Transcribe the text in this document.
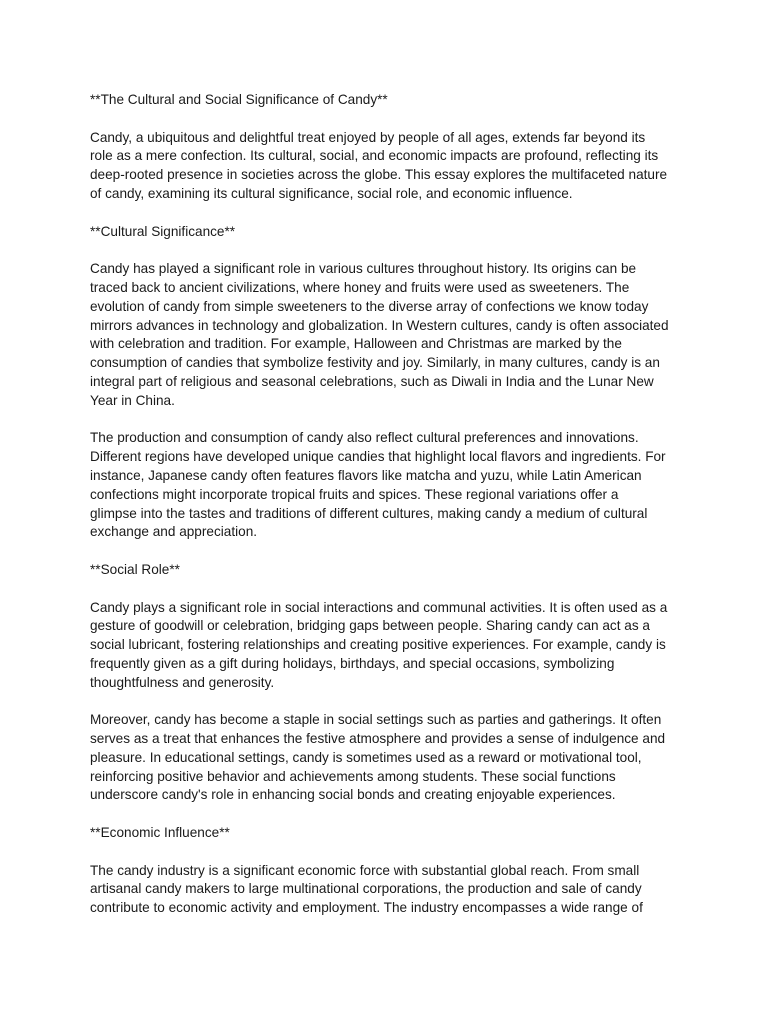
**The Cultural and Social Significance of Candy**

Candy, a ubiquitous and delightful treat enjoyed by people of all ages, extends far beyond its
role as a mere confection. Its cultural, social, and economic impacts are profound, reflecting its
deep-rooted presence in societies across the globe. This essay explores the multifaceted nature
of candy, examining its cultural significance, social role, and economic influence.

**Cultural Significance**

Candy has played a significant role in various cultures throughout history. Its origins can be
traced back to ancient civilizations, where honey and fruits were used as sweeteners. The
evolution of candy from simple sweeteners to the diverse array of confections we know today
mirrors advances in technology and globalization. In Western cultures, candy is often associated
with celebration and tradition. For example, Halloween and Christmas are marked by the
consumption of candies that symbolize festivity and joy. Similarly, in many cultures, candy is an
integral part of religious and seasonal celebrations, such as Diwali in India and the Lunar New
Year in China.

The production and consumption of candy also reflect cultural preferences and innovations.
Different regions have developed unique candies that highlight local flavors and ingredients. For
instance, Japanese candy often features flavors like matcha and yuzu, while Latin American
confections might incorporate tropical fruits and spices. These regional variations offer a
glimpse into the tastes and traditions of different cultures, making candy a medium of cultural
exchange and appreciation.

**Social Role**

Candy plays a significant role in social interactions and communal activities. It is often used as a
gesture of goodwill or celebration, bridging gaps between people. Sharing candy can act as a
social lubricant, fostering relationships and creating positive experiences. For example, candy is
frequently given as a gift during holidays, birthdays, and special occasions, symbolizing
thoughtfulness and generosity.

Moreover, candy has become a staple in social settings such as parties and gatherings. It often
serves as a treat that enhances the festive atmosphere and provides a sense of indulgence and
pleasure. In educational settings, candy is sometimes used as a reward or motivational tool,
reinforcing positive behavior and achievements among students. These social functions
underscore candy's role in enhancing social bonds and creating enjoyable experiences.

**Economic Influence**

The candy industry is a significant economic force with substantial global reach. From small
artisanal candy makers to large multinational corporations, the production and sale of candy
contribute to economic activity and employment. The industry encompasses a wide range of
